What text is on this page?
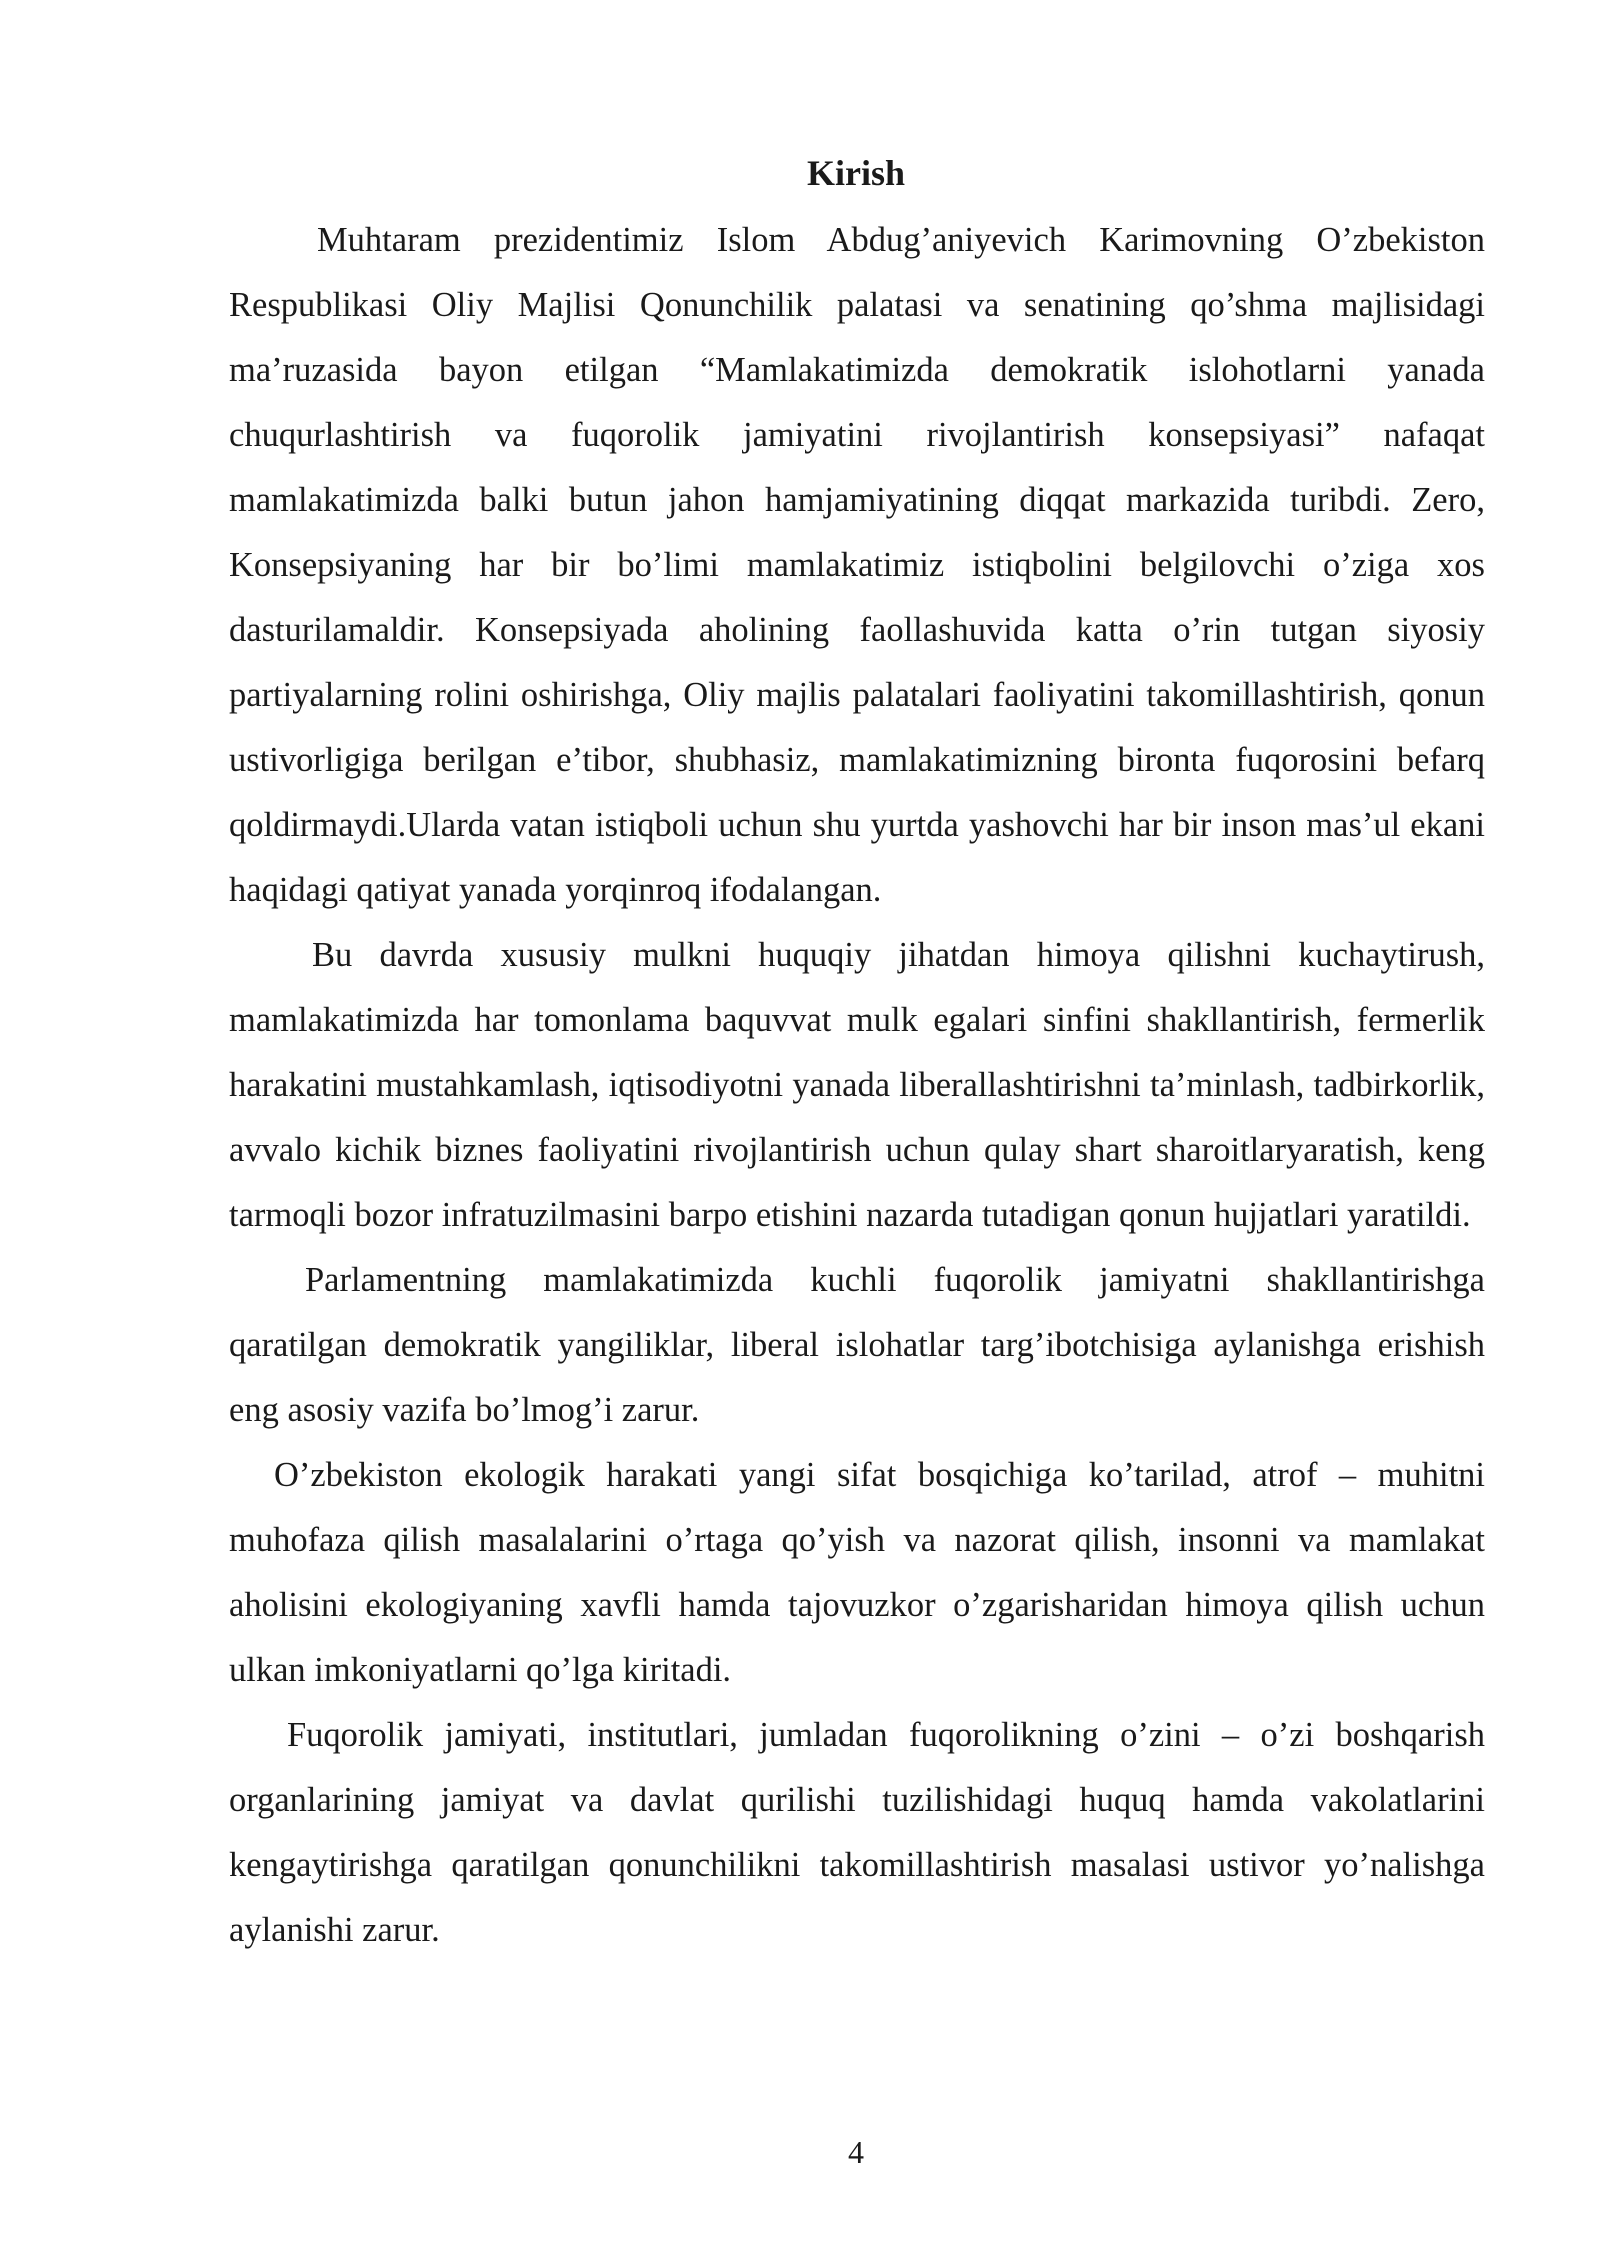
Kirish

Muhtaram prezidentimiz Islom Abdug’aniyevich Karimovning O’zbekiston Respublikasi Oliy Majlisi Qonunchilik palatasi va senatining qo’shma majlisidagi ma’ruzasida bayon etilgan “Mamlakatimizda demokratik islohotlarni yanada chuqurlashtirish va fuqorolik jamiyatini rivojlantirish konsepsiyasi” nafaqat mamlakatimizda balki butun jahon hamjamiyatining diqqat markazida turibdi. Zero, Konsepsiyaning har bir bo’limi mamlakatimiz istiqbolini belgilovchi o’ziga xos dasturilamaldir. Konsepsiyada aholining faollashuvida katta o’rin tutgan siyosiy partiyalarning rolini oshirishga, Oliy majlis palatalari faoliyatini takomillashtirish, qonun ustivorligiga berilgan e’tibor, shubhasiz, mamlakatimizning bironta fuqorosini befarq qoldirmaydi.Ularda vatan istiqboli uchun shu yurtda yashovchi har bir inson mas’ul ekani haqidagi qatiyat yanada yorqinroq ifodalangan.

Bu davrda xususiy mulkni huquqiy jihatdan himoya qilishni kuchaytirush, mamlakatimizda har tomonlama baquvvat mulk egalari sinfini shakllantirish, fermerlik harakatini mustahkamlash, iqtisodiyotni yanada liberallashtirishni ta’minlash, tadbirkorlik, avvalo kichik biznes faoliyatini rivojlantirish uchun qulay shart sharoitlaryaratish, keng tarmoqli bozor infratuzilmasini barpo etishini nazarda tutadigan qonun hujjatlari yaratildi.

Parlamentning mamlakatimizda kuchli fuqorolik jamiyatni shakllantirishga qaratilgan demokratik yangiliklar, liberal islohatlar targ’ibotchisiga aylanishga erishish eng asosiy vazifa bo’lmog’i zarur.

O’zbekiston ekologik harakati yangi sifat bosqichiga ko’tarilad, atrof – muhitni muhofaza qilish masalalarini o’rtaga qo’yish va nazorat qilish, insonni va mamlakat aholisini ekologiyaning xavfli hamda tajovuzkor o’zgarisharidan himoya qilish uchun ulkan imkoniyatlarni qo’lga kiritadi.

Fuqorolik jamiyati, institutlari, jumladan fuqorolikning o’zini – o’zi boshqarish organlarining jamiyat va davlat qurilishi tuzilishidagi huquq hamda vakolatlarini kengaytirishga qaratilgan qonunchilikni takomillashtirish masalasi ustivor yo’nalishga aylanishi zarur.

4
